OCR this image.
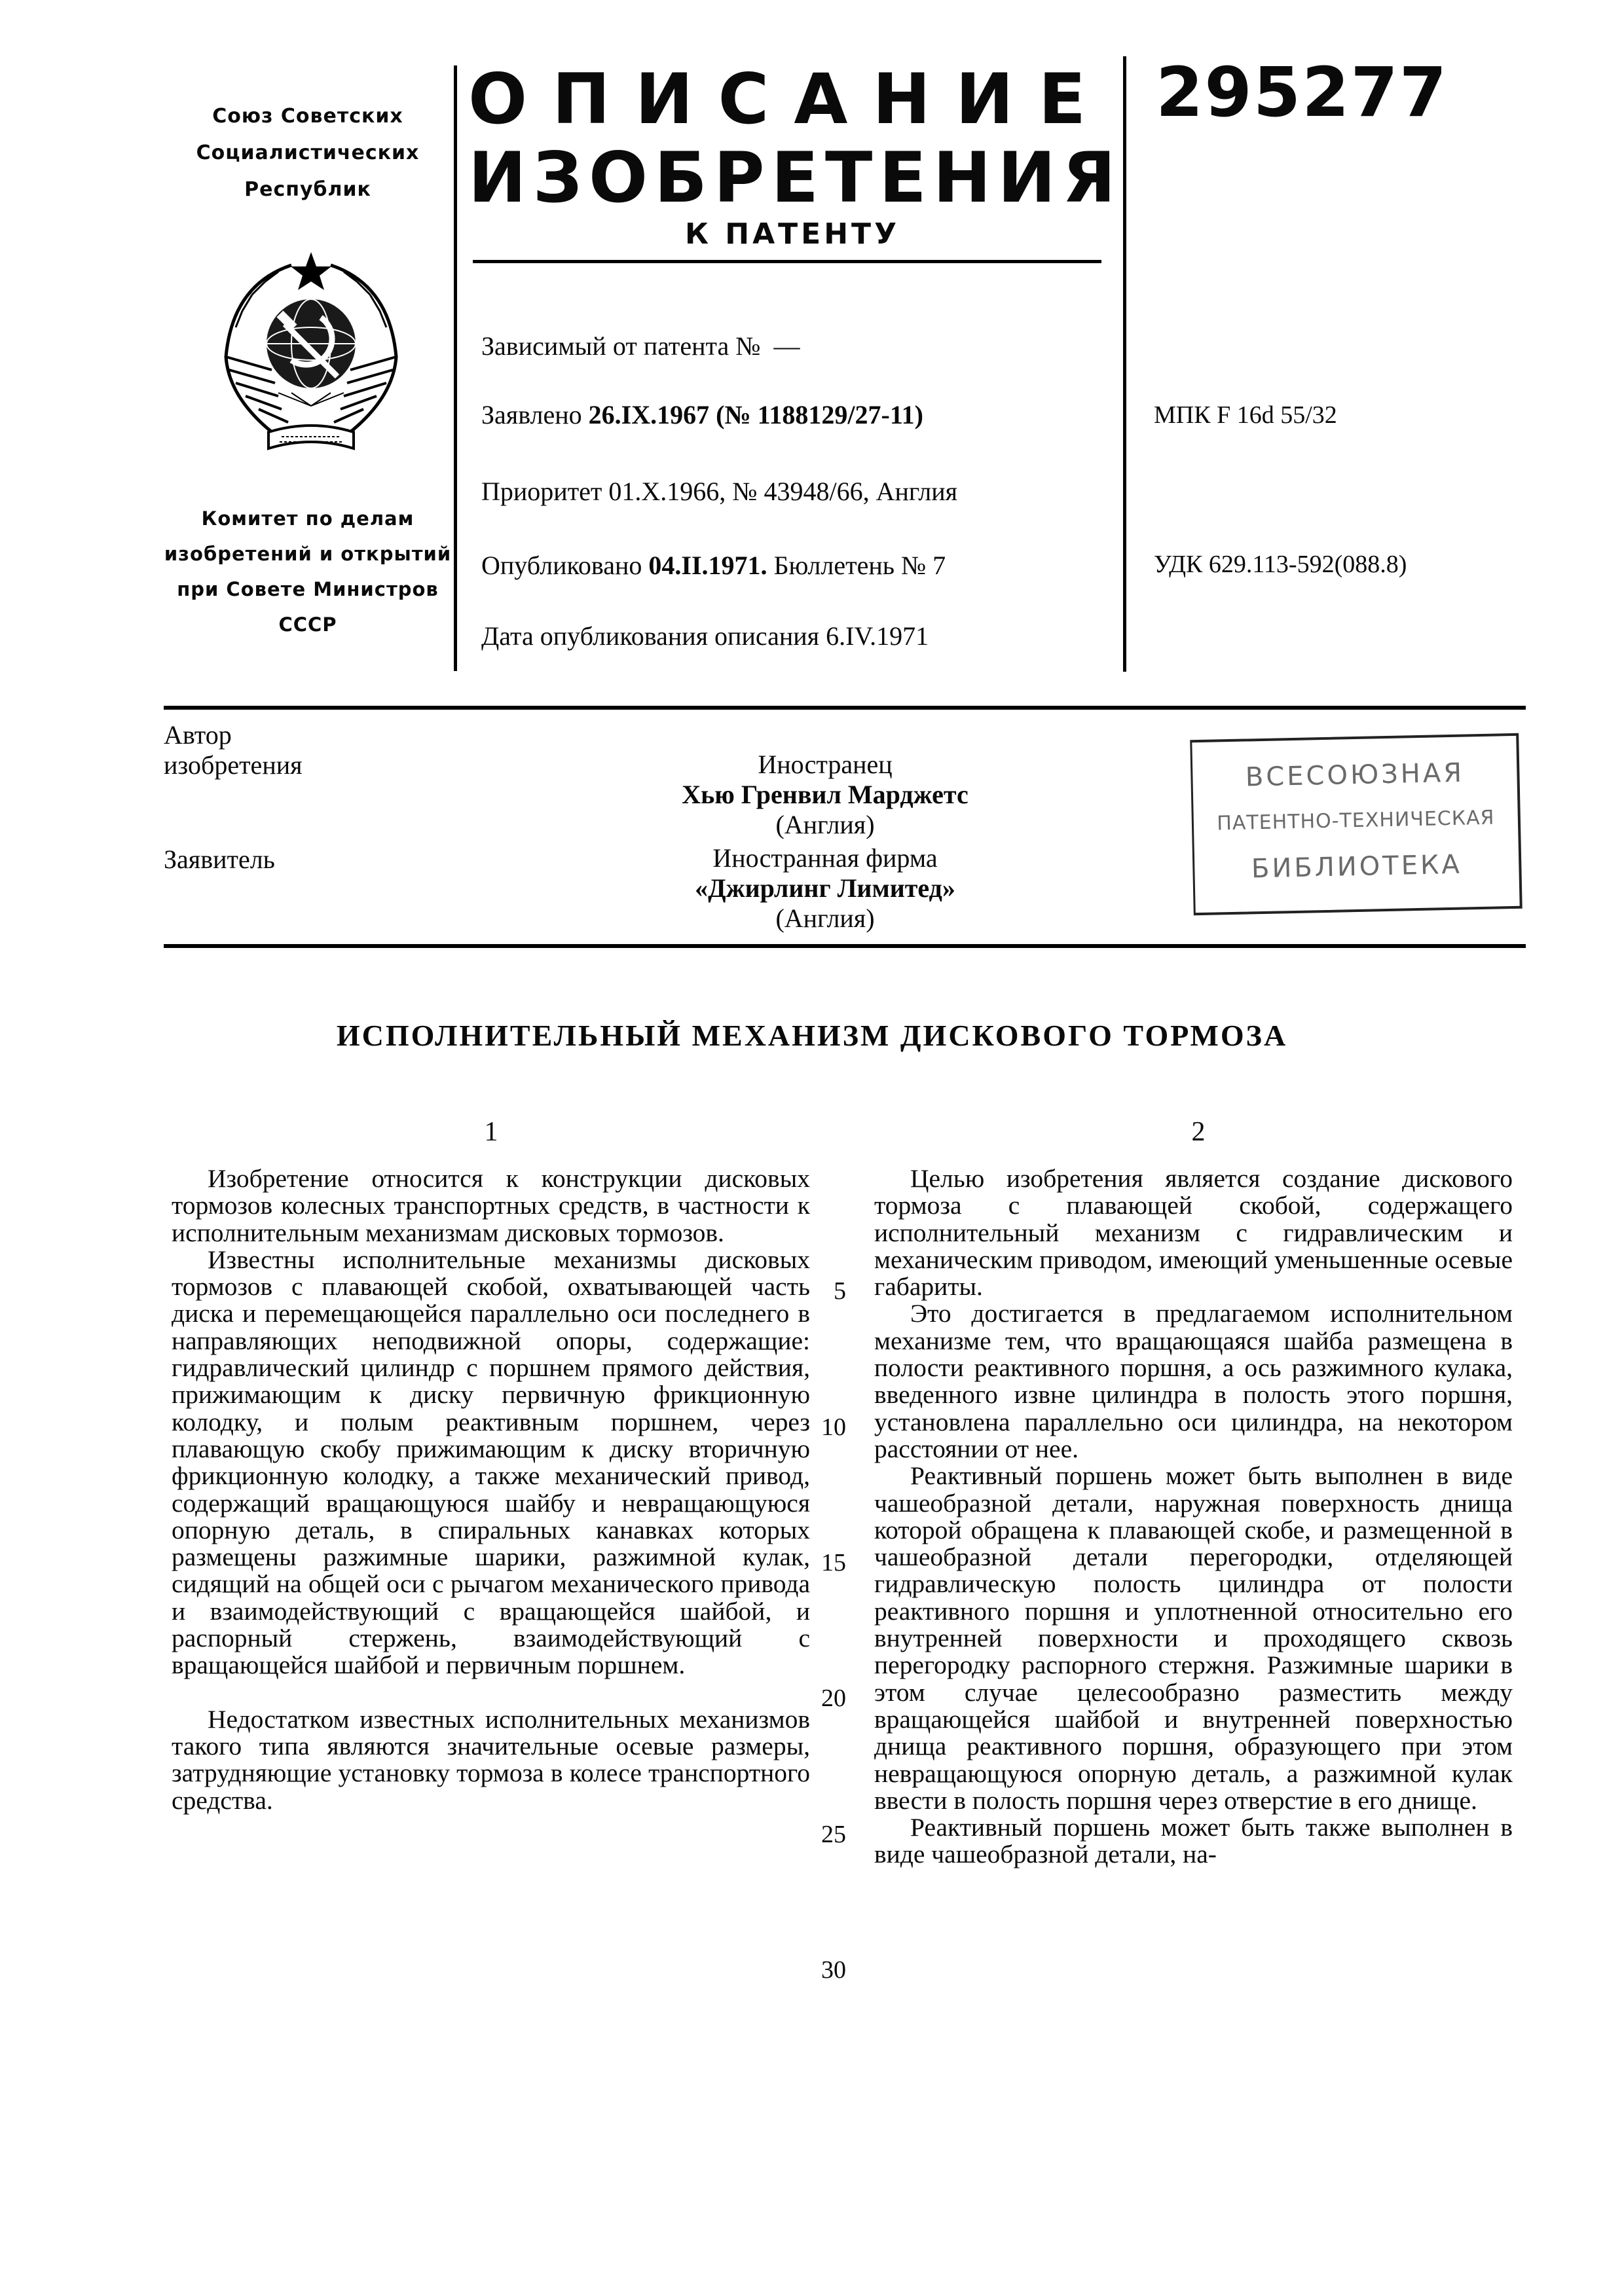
Союз Советских
Социалистических
Республик
Комитет по делам
изобретений и открытий
при Совете Министров
СССР
ОПИСАНИЕ
ИЗОБРЕТЕНИЯ
К ПАТЕНТУ
295277
Зависимый от патента № —
Заявлено 26.IX.1967 (№ 1188129/27-11)
Приоритет 01.X.1966, № 43948/66, Англия
Опубликовано 04.II.1971. Бюллетень № 7
Дата опубликования описания 6.IV.1971
МПК F 16d 55/32
УДК 629.113-592(088.8)
Автор изобретения
Заявитель
Иностранец
Хью Гренвил Марджетс
(Англия)
Иностранная фирма
«Джирлинг Лимитед»
(Англия)
ВСЕСОЮЗНАЯ
ПАТЕНТНО-ТЕХНИЧЕСКАЯ
БИБЛИОТЕКА
ИСПОЛНИТЕЛЬНЫЙ МЕХАНИЗМ ДИСКОВОГО ТОРМОЗА
1	2

Изобретение относится к конструкции дисковых тормозов колесных транспортных средств, в частности к исполнительным механизмам дисковых тормозов.

Известны исполнительные механизмы дисковых тормозов с плавающей скобой, охватывающей часть диска и перемещающейся параллельно оси последнего в направляющих неподвижной опоры, содержащие: гидравлический цилиндр с поршнем прямого действия, прижимающим к диску первичную фрикционную колодку, и полым реактивным поршнем, через плавающую скобу прижимающим к диску вторичную фрикционную колодку, а также механический привод, содержащий вращающуюся шайбу и невращающуюся опорную деталь, в спиральных канавках которых размещены разжимные шарики, разжимной кулак, сидящий на общей оси с рычагом механического привода и взаимодействующий с вращающейся шайбой, и распорный стержень, взаимодействующий с вращающейся шайбой и первичным поршнем.

Недостатком известных исполнительных механизмов такого типа являются значительные осевые размеры, затрудняющие установку тормоза в колесе транспортного средства.

Целью изобретения является создание дискового тормоза с плавающей скобой, содержащего исполнительный механизм с гидравлическим и механическим приводом, имеющий уменьшенные осевые габариты.

Это достигается в предлагаемом исполнительном механизме тем, что вращающаяся шайба размещена в полости реактивного поршня, а ось разжимного кулака, введенного извне цилиндра в полость этого поршня, установлена параллельно оси цилиндра, на некотором расстоянии от нее.

Реактивный поршень может быть выполнен в виде чашеобразной детали, наружная поверхность днища которой обращена к плавающей скобе, и размещенной в чашеобразной детали перегородки, отделяющей гидравлическую полость цилиндра от полости реактивного поршня и уплотненной относительно его внутренней поверхности и проходящего сквозь перегородку распорного стержня. Разжимные шарики в этом случае целесообразно разместить между вращающейся шайбой и внутренней поверхностью днища реактивного поршня, образующего при этом невращающуюся опорную деталь, а разжимной кулак ввести в полость поршня через отверстие в его днище.

Реактивный поршень может быть также выполнен в виде чашеобразной детали, на-

5
10
15
20
25
30
